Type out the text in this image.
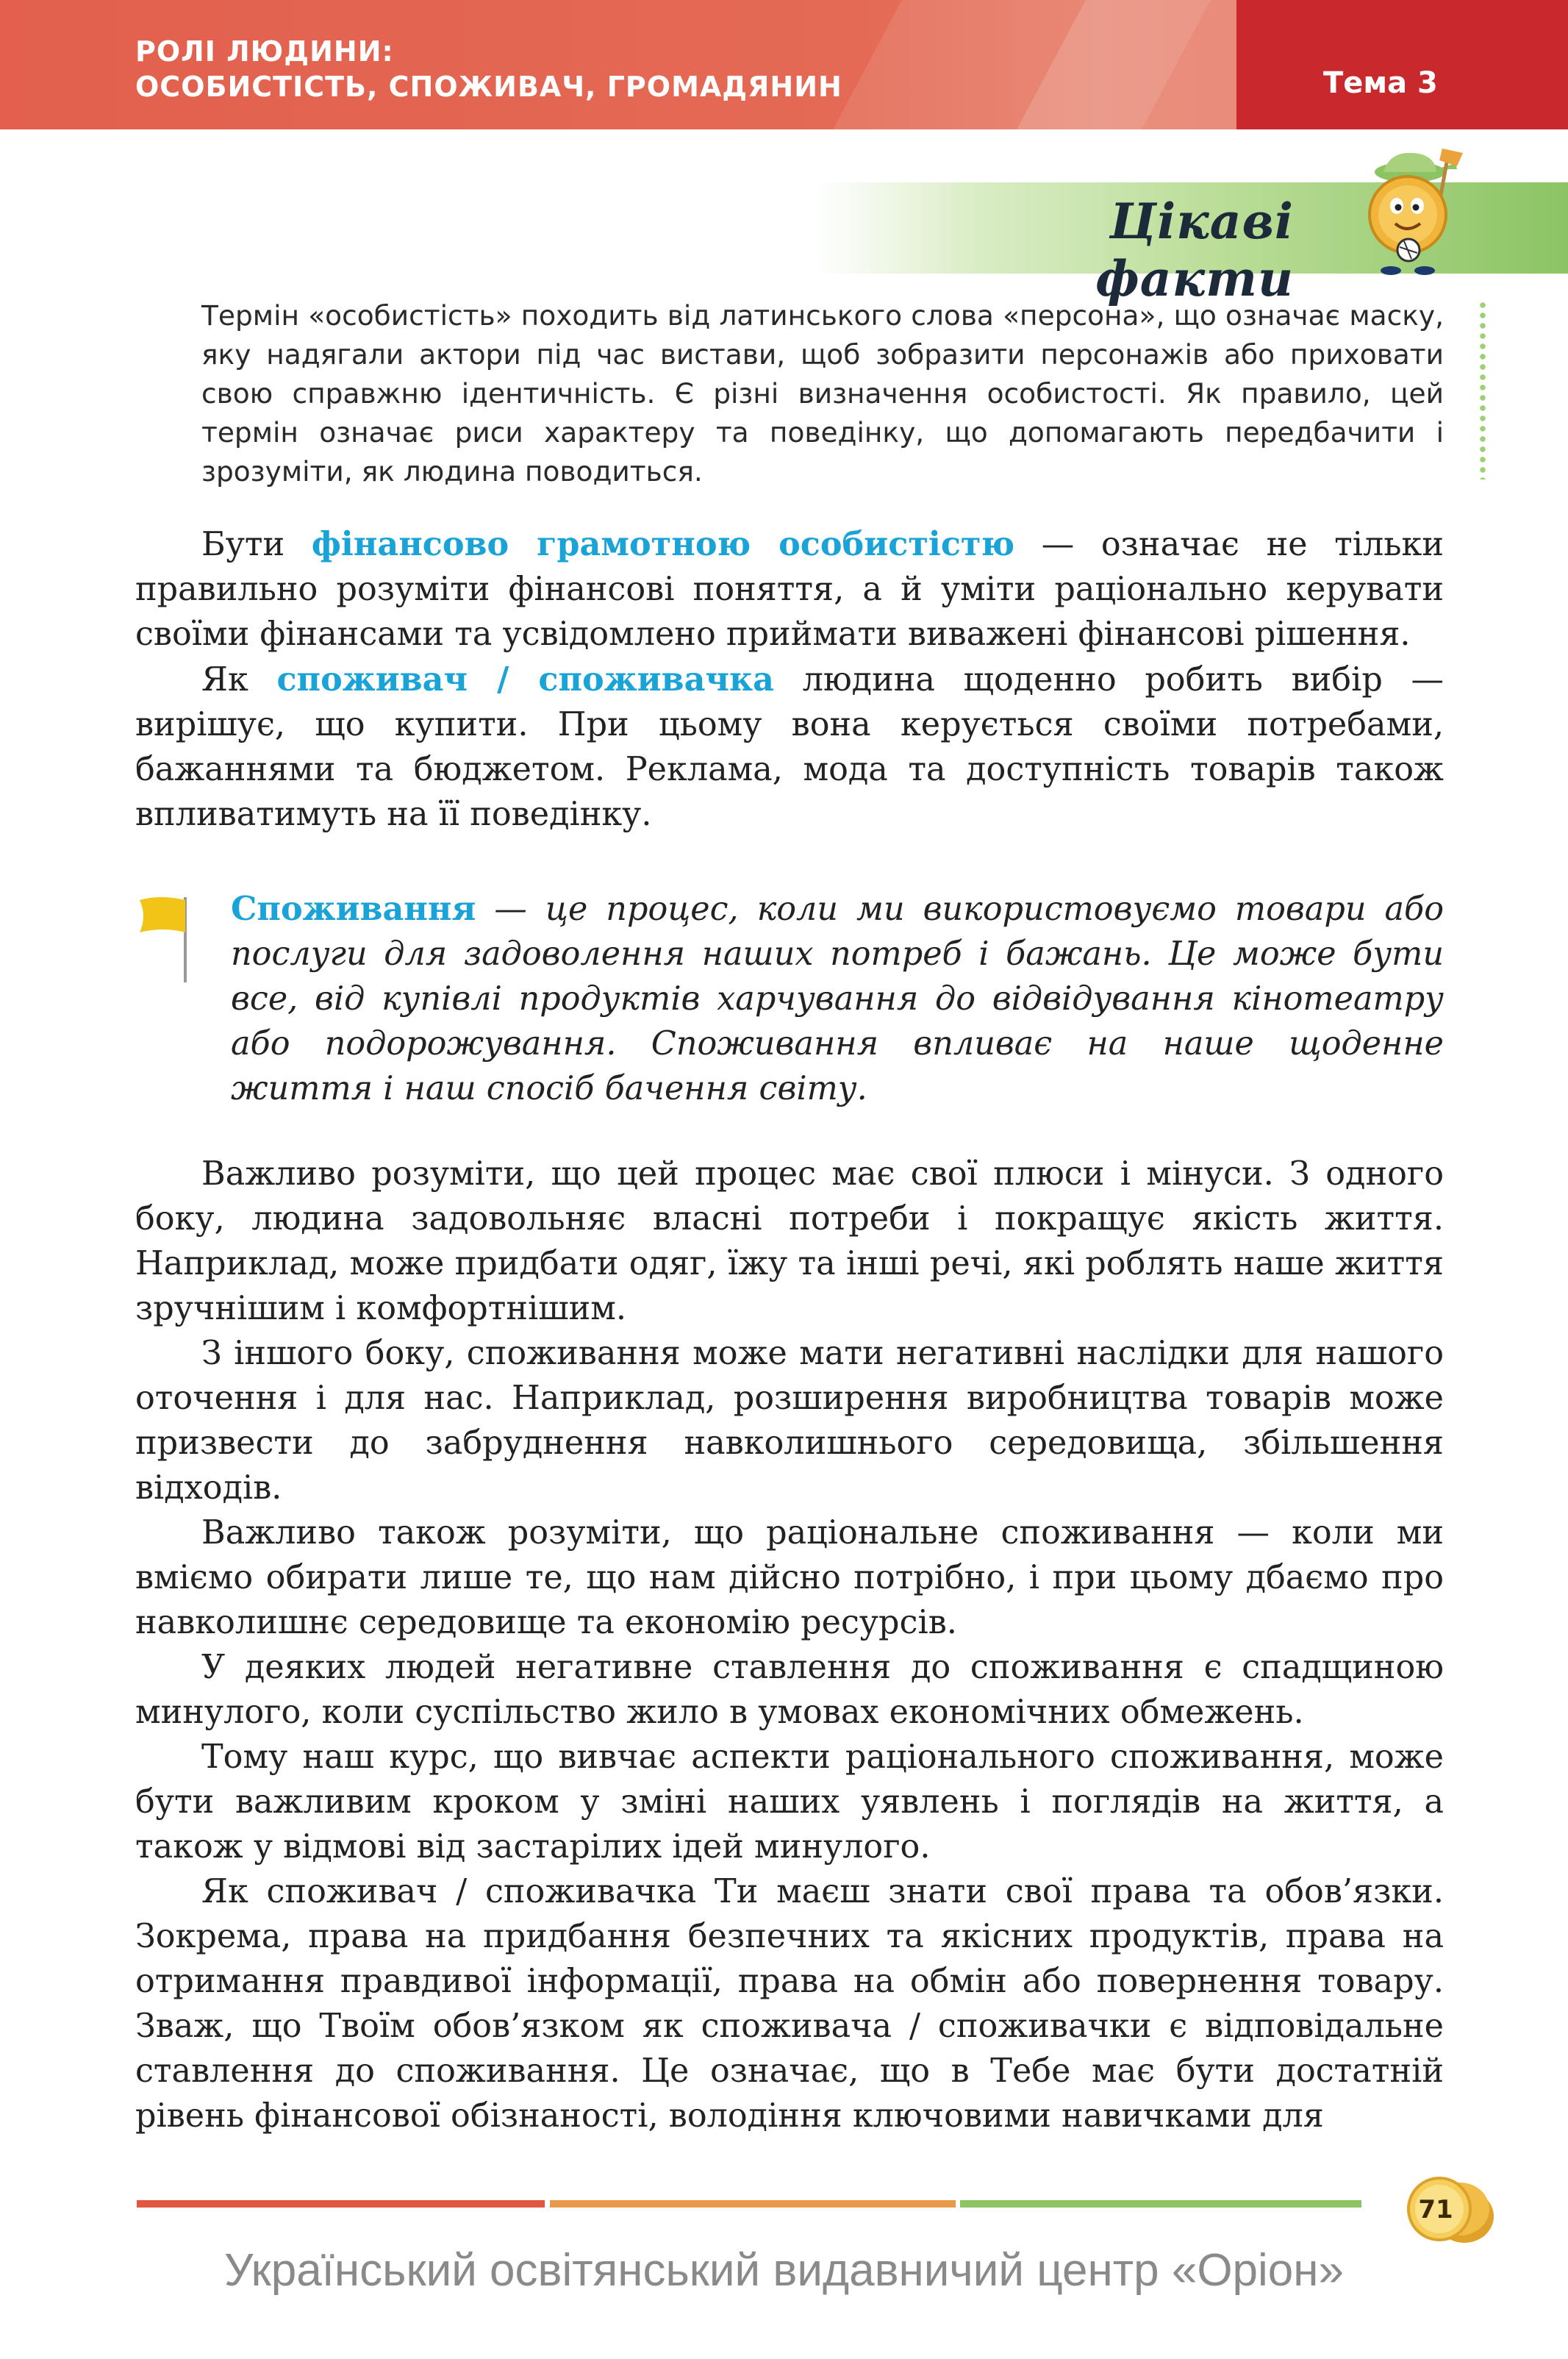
РОЛІ ЛЮДИНИ:
ОСОБИСТІСТЬ, СПОЖИВАЧ, ГРОМАДЯНИН	Тема 3
Цікаві факти
Термін «особистість» походить від латинського слова «персона», що означає маску, яку надягали актори під час вистави, щоб зобразити персонажів або приховати свою справжню ідентичність. Є різні визначення особистості. Як правило, цей термін означає риси характеру та поведінку, що допомагають передбачити і зрозуміти, як людина поводиться.
Бути фінансово грамотною особистістю — означає не тільки правильно розуміти фінансові поняття, а й уміти раціонально керувати своїми фінансами та усвідомлено приймати виважені фінансові рішення.
Як споживач / споживачка людина щоденно робить вибір — вирішує, що купити. При цьому вона керується своїми потребами, бажаннями та бюджетом. Реклама, мода та доступність товарів також впливатимуть на її поведінку.
Споживання — це процес, коли ми використовуємо товари або послуги для задоволення наших потреб і бажань. Це може бути все, від купівлі продуктів харчування до відвідування кінотеатру або подорожування. Споживання впливає на наше щоденне життя і наш спосіб бачення світу.
Важливо розуміти, що цей процес має свої плюси і мінуси. З одного боку, людина задовольняє власні потреби і покращує якість життя. Наприклад, може придбати одяг, їжу та інші речі, які роблять наше життя зручнішим і комфортнішим.
З іншого боку, споживання може мати негативні наслідки для нашого оточення і для нас. Наприклад, розширення виробництва товарів може призвести до забруднення навколишнього середовища, збільшення відходів.
Важливо також розуміти, що раціональне споживання — коли ми вміємо обирати лише те, що нам дійсно потрібно, і при цьому дбаємо про навколишнє середовище та економію ресурсів.
У деяких людей негативне ставлення до споживання є спадщиною минулого, коли суспільство жило в умовах економічних обмежень.
Тому наш курс, що вивчає аспекти раціонального споживання, може бути важливим кроком у зміні наших уявлень і поглядів на життя, а також у відмові від застарілих ідей минулого.
Як споживач / споживачка Ти маєш знати свої права та обов’язки. Зокрема, права на придбання безпечних та якісних продуктів, права на отримання правдивої інформації, права на обмін або повернення товару. Зваж, що Твоїм обов’язком як споживача / споживачки є відповідальне ставлення до споживання. Це означає, що в Тебе має бути достатній рівень фінансової обізнаності, володіння ключовими навичками для
71
Український освітянський видавничий центр «Оріон»
